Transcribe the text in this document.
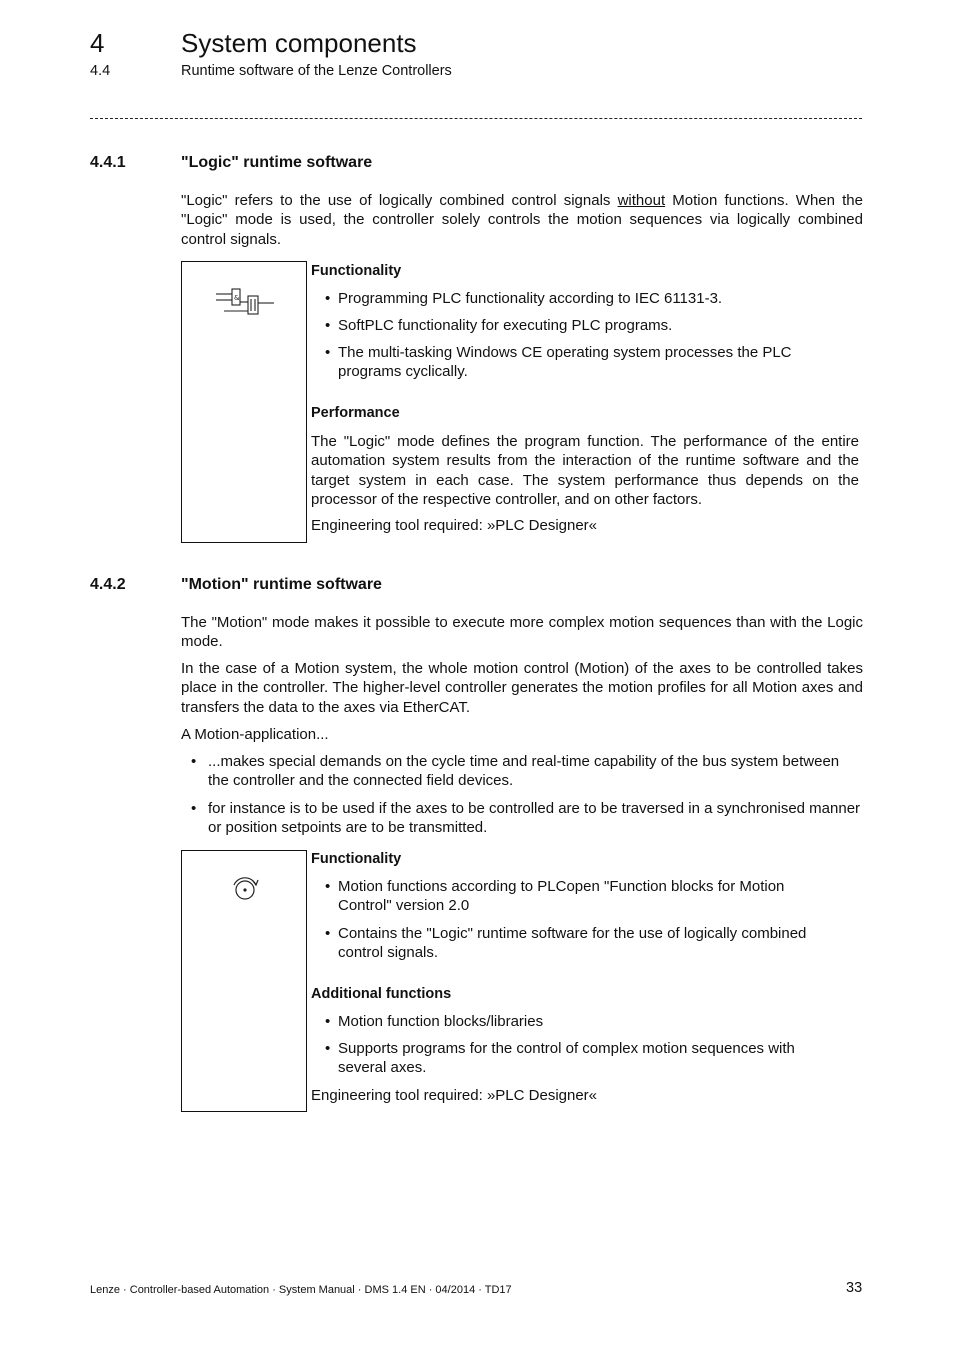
4	System components
4.4	Runtime software of the Lenze Controllers
4.4.1	"Logic" runtime software

"Logic" refers to the use of logically combined control signals without Motion functions. When the "Logic" mode is used, the controller solely controls the motion sequences via logically combined control signals.

&
Functionality
• Programming PLC functionality according to IEC 61131-3.
• SoftPLC functionality for executing PLC programs.
• The multi-tasking Windows CE operating system processes the PLC programs cyclically.
Performance

The "Logic" mode defines the program function. The performance of the entire automation system results from the interaction of the runtime software and the target system in each case. The system performance thus depends on the processor of the respective controller, and on other factors.

Engineering tool required: »PLC Designer«
4.4.2	"Motion" runtime software

The "Motion" mode makes it possible to execute more complex motion sequences than with the Logic mode.

In the case of a Motion system, the whole motion control (Motion) of the axes to be controlled takes place in the controller. The higher-level controller generates the motion profiles for all Motion axes and transfers the data to the axes via EtherCAT.

A Motion-application...

• ...makes special demands on the cycle time and real-time capability of the bus system between the controller and the connected field devices.
• for instance is to be used if the axes to be controlled are to be traversed in a synchronised manner or position setpoints are to be transmitted.
Functionality
• Motion functions according to PLCopen "Function blocks for Motion Control" version 2.0
• Contains the "Logic" runtime software for the use of logically combined control signals.
Additional functions
• Motion function blocks/libraries
• Supports programs for the control of complex motion sequences with several axes.
Engineering tool required: »PLC Designer«
Lenze · Controller-based Automation · System Manual · DMS 1.4 EN · 04/2014 · TD17	33
